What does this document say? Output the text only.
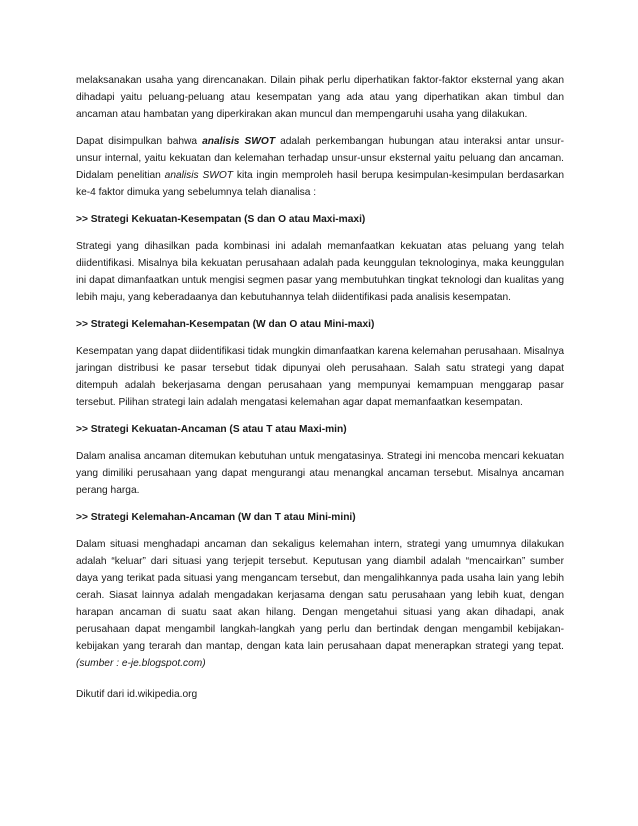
melaksanakan usaha yang direncanakan. Dilain pihak perlu diperhatikan faktor-faktor eksternal yang akan dihadapi yaitu peluang-peluang atau kesempatan yang ada atau yang diperhatikan akan timbul dan ancaman atau hambatan yang diperkirakan akan muncul dan mempengaruhi usaha yang dilakukan.

Dapat disimpulkan bahwa analisis SWOT adalah perkembangan hubungan atau interaksi antar unsur-unsur internal, yaitu kekuatan dan kelemahan terhadap unsur-unsur eksternal yaitu peluang dan ancaman. Didalam penelitian analisis SWOT kita ingin memproleh hasil berupa kesimpulan-kesimpulan berdasarkan ke-4 faktor dimuka yang sebelumnya telah dianalisa :

>> Strategi Kekuatan-Kesempatan (S dan O atau Maxi-maxi)

Strategi yang dihasilkan pada kombinasi ini adalah memanfaatkan kekuatan atas peluang yang telah diidentifikasi. Misalnya bila kekuatan perusahaan adalah pada keunggulan teknologinya, maka keunggulan ini dapat dimanfaatkan untuk mengisi segmen pasar yang membutuhkan tingkat teknologi dan kualitas yang lebih maju, yang keberadaanya dan kebutuhannya telah diidentifikasi pada analisis kesempatan.

>> Strategi Kelemahan-Kesempatan (W dan O atau Mini-maxi)

Kesempatan yang dapat diidentifikasi tidak mungkin dimanfaatkan karena kelemahan perusahaan. Misalnya jaringan distribusi ke pasar tersebut tidak dipunyai oleh perusahaan. Salah satu strategi yang dapat ditempuh adalah bekerjasama dengan perusahaan yang mempunyai kemampuan menggarap pasar tersebut. Pilihan strategi lain adalah mengatasi kelemahan agar dapat memanfaatkan kesempatan.

>> Strategi Kekuatan-Ancaman (S atau T atau Maxi-min)

Dalam analisa ancaman ditemukan kebutuhan untuk mengatasinya. Strategi ini mencoba mencari kekuatan yang dimiliki perusahaan yang dapat mengurangi atau menangkal ancaman tersebut. Misalnya ancaman perang harga.

>> Strategi Kelemahan-Ancaman (W dan T atau Mini-mini)

Dalam situasi menghadapi ancaman dan sekaligus kelemahan intern, strategi yang umumnya dilakukan adalah “keluar” dari situasi yang terjepit tersebut. Keputusan yang diambil adalah “mencairkan” sumber daya yang terikat pada situasi yang mengancam tersebut, dan mengalihkannya pada usaha lain yang lebih cerah. Siasat lainnya adalah mengadakan kerjasama dengan satu perusahaan yang lebih kuat, dengan harapan ancaman di suatu saat akan hilang. Dengan mengetahui situasi yang akan dihadapi, anak perusahaan dapat mengambil langkah-langkah yang perlu dan bertindak dengan mengambil kebijakan-kebijakan yang terarah dan mantap, dengan kata lain perusahaan dapat menerapkan strategi yang tepat. (sumber : e-je.blogspot.com)

Dikutif dari id.wikipedia.org
